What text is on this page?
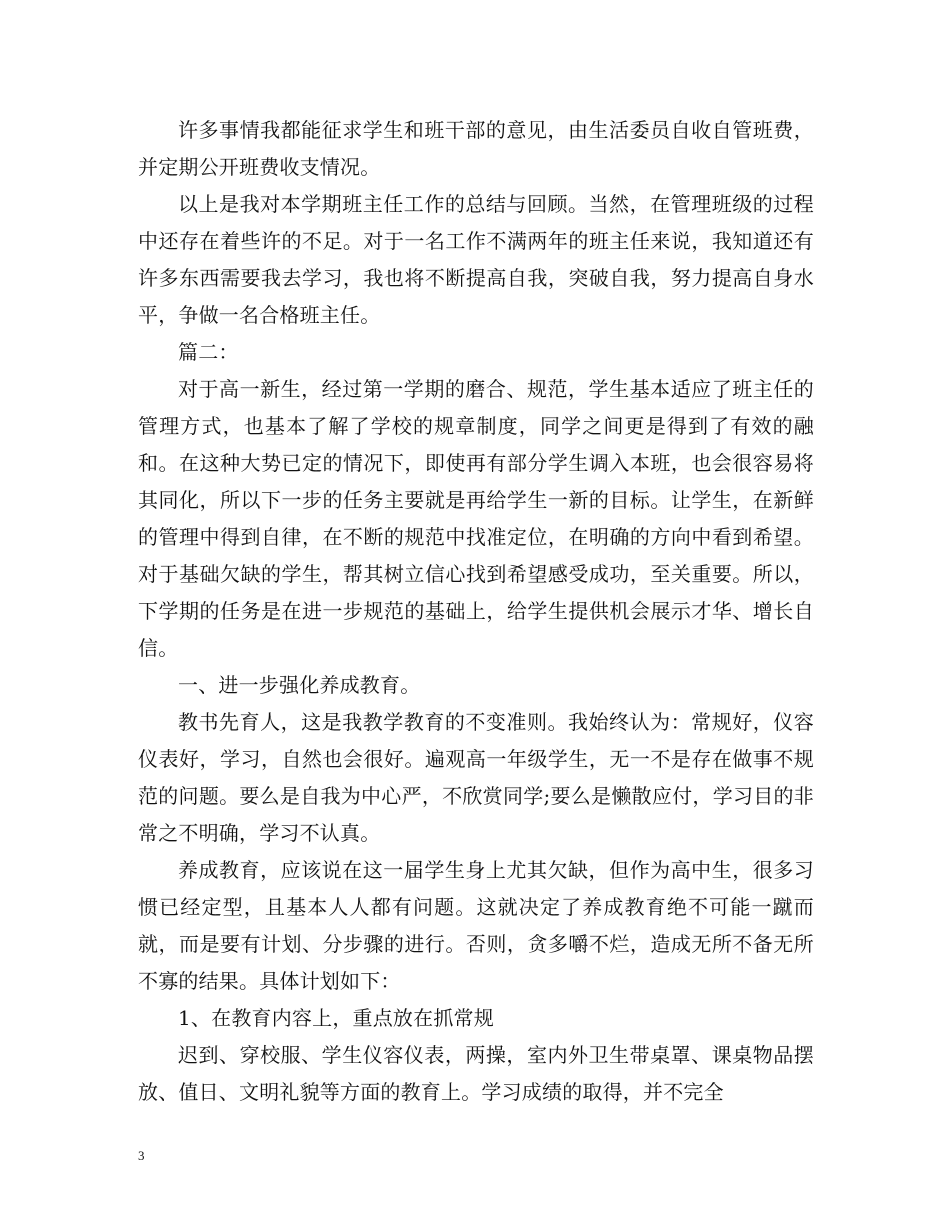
许多事情我都能征求学生和班干部的意见，由生活委员自收自管班费，并定期公开班费收支情况。

以上是我对本学期班主任工作的总结与回顾。当然，在管理班级的过程中还存在着些许的不足。对于一名工作不满两年的班主任来说，我知道还有许多东西需要我去学习，我也将不断提高自我，突破自我，努力提高自身水平，争做一名合格班主任。

篇二：

对于高一新生，经过第一学期的磨合、规范，学生基本适应了班主任的管理方式，也基本了解了学校的规章制度，同学之间更是得到了有效的融和。在这种大势已定的情况下，即使再有部分学生调入本班，也会很容易将其同化，所以下一步的任务主要就是再给学生一新的目标。让学生，在新鲜的管理中得到自律，在不断的规范中找准定位，在明确的方向中看到希望。对于基础欠缺的学生，帮其树立信心找到希望感受成功，至关重要。所以，下学期的任务是在进一步规范的基础上，给学生提供机会展示才华、增长自信。

一、进一步强化养成教育。

教书先育人，这是我教学教育的不变准则。我始终认为：常规好，仪容仪表好，学习，自然也会很好。遍观高一年级学生，无一不是存在做事不规范的问题。要么是自我为中心严，不欣赏同学;要么是懒散应付，学习目的非常之不明确，学习不认真。

养成教育，应该说在这一届学生身上尤其欠缺，但作为高中生，很多习惯已经定型，且基本人人都有问题。这就决定了养成教育绝不可能一蹴而就，而是要有计划、分步骤的进行。否则，贪多嚼不烂，造成无所不备无所不寡的结果。具体计划如下：

1、在教育内容上，重点放在抓常规

迟到、穿校服、学生仪容仪表，两操，室内外卫生带桌罩、课桌物品摆放、值日、文明礼貌等方面的教育上。学习成绩的取得，并不完全

3
